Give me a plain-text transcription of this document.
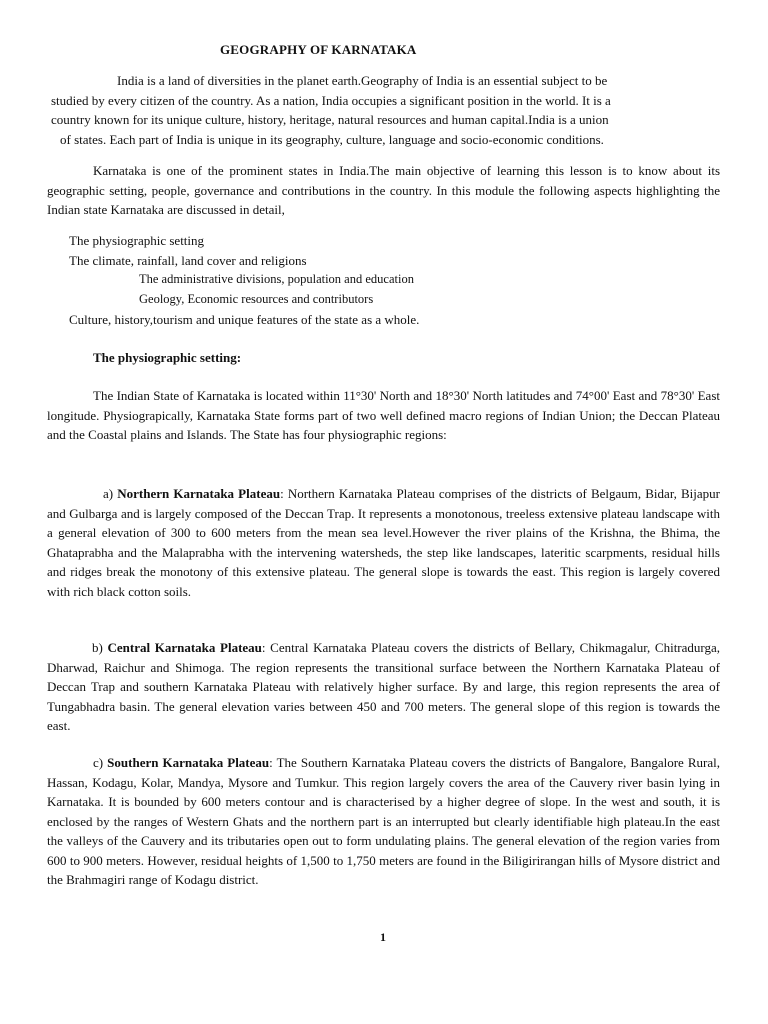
GEOGRAPHY OF KARNATAKA
India is a land of diversities in the planet earth.Geography of India is an essential subject to be
studied by every citizen of the country. As a nation, India occupies a significant position in the world. It is a
country known for its unique culture, history, heritage, natural resources and human capital.India is a union
of states. Each part of India is unique in its geography, culture, language and socio-economic conditions.
Karnataka is one of the prominent states in India.The main objective of learning this lesson is to know about its geographic setting, people, governance and contributions in the country. In this module the following aspects highlighting the Indian state Karnataka are discussed in detail,
The physiographic setting
The climate, rainfall, land cover and religions
The administrative divisions, population and education
Geology, Economic resources and contributors
Culture, history,tourism and unique features of the state as a whole.
The physiographic setting:
The Indian State of Karnataka is located within 11°30' North and 18°30' North latitudes and 74°00' East and 78°30' East longitude. Physiograpically, Karnataka State forms part of two well defined macro regions of Indian Union; the Deccan Plateau and the Coastal plains and Islands. The State has four physiographic regions:
a) Northern Karnataka Plateau: Northern Karnataka Plateau comprises of the districts of Belgaum, Bidar, Bijapur and Gulbarga and is largely composed of the Deccan Trap. It represents a monotonous, treeless extensive plateau landscape with a general elevation of 300 to 600 meters from the mean sea level.However the river plains of the Krishna, the Bhima, the Ghataprabha and the Malaprabha with the intervening watersheds, the step like landscapes, lateritic scarpments, residual hills and ridges break the monotony of this extensive plateau. The general slope is towards the east. This region is largely covered with rich black cotton soils.
b) Central Karnataka Plateau: Central Karnataka Plateau covers the districts of Bellary, Chikmagalur, Chitradurga, Dharwad, Raichur and Shimoga. The region represents the transitional surface between the Northern Karnataka Plateau of Deccan Trap and southern Karnataka Plateau with relatively higher surface. By and large, this region represents the area of Tungabhadra basin. The general elevation varies between 450 and 700 meters. The general slope of this region is towards the east.
c) Southern Karnataka Plateau: The Southern Karnataka Plateau covers the districts of Bangalore, Bangalore Rural, Hassan, Kodagu, Kolar, Mandya, Mysore and Tumkur. This region largely covers the area of the Cauvery river basin lying in Karnataka. It is bounded by 600 meters contour and is characterised by a higher degree of slope. In the west and south, it is enclosed by the ranges of Western Ghats and the northern part is an interrupted but clearly identifiable high plateau.In the east the valleys of the Cauvery and its tributaries open out to form undulating plains. The general elevation of the region varies from 600 to 900 meters. However, residual heights of 1,500 to 1,750 meters are found in the Biligirirangan hills of Mysore district and the Brahmagiri range of Kodagu district.
1
